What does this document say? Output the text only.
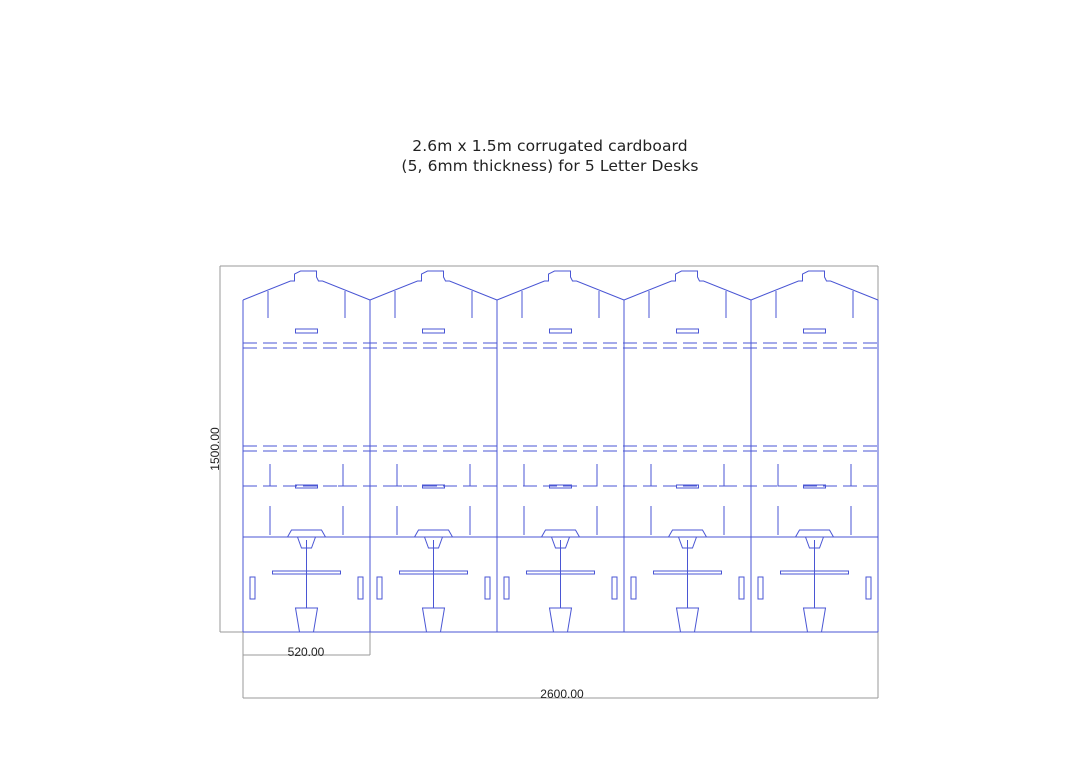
2.6m x 1.5m corrugated cardboard
(5, 6mm thickness) for 5 Letter Desks
1500.00
520.00
2600.00
